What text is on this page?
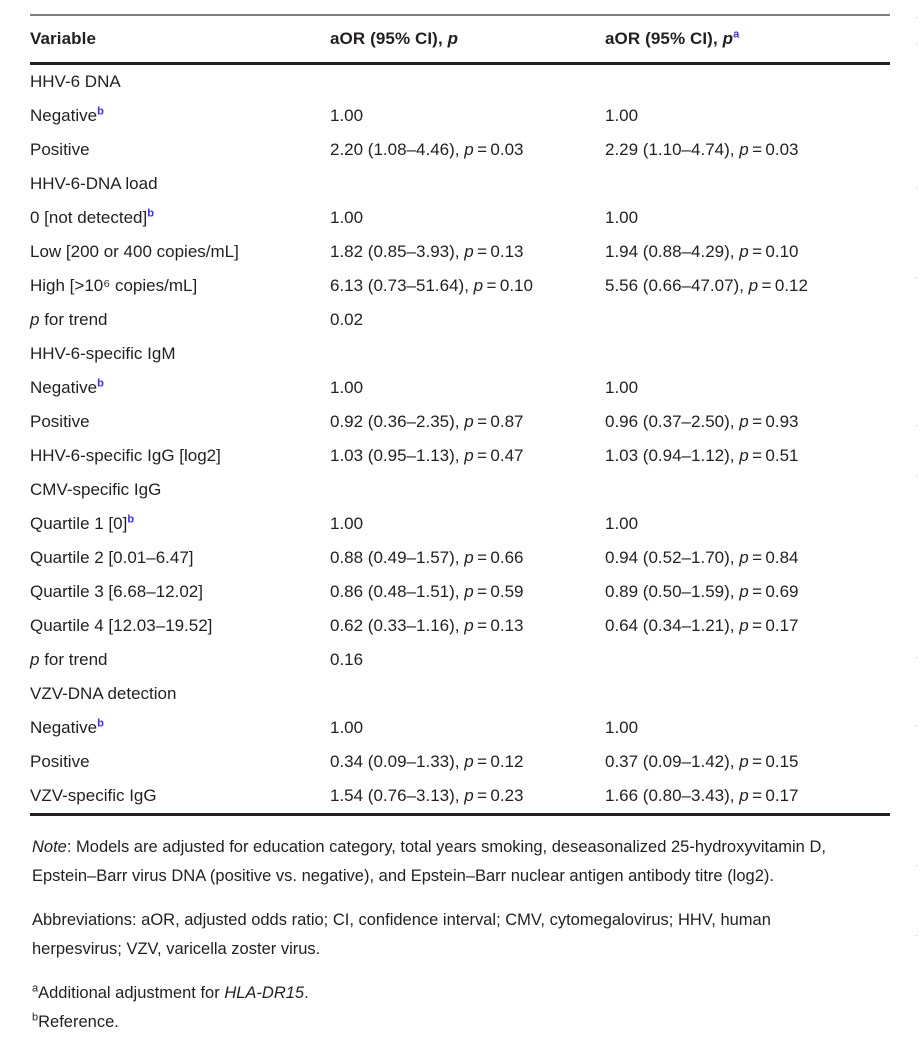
Variable	aOR (95% CI), p	aOR (95% CI), p$^a$
HHV-6 DNA		
Negative$^b$	1.00	1.00
Positive	2.20 (1.08–4.46), p = 0.03	2.29 (1.10–4.74), p = 0.03
HHV-6-DNA load		
0 [not detected]$^b$	1.00	1.00
Low [200 or 400 copies/mL]	1.82 (0.85–3.93), p = 0.13	1.94 (0.88–4.29), p = 0.10
High [>10⁶ copies/mL]	6.13 (0.73–51.64), p = 0.10	5.56 (0.66–47.07), p = 0.12
p for trend	0.02	
HHV-6-specific IgM		
Negative$^b$	1.00	1.00
Positive	0.92 (0.36–2.35), p = 0.87	0.96 (0.37–2.50), p = 0.93
HHV-6-specific IgG [log2]	1.03 (0.95–1.13), p = 0.47	1.03 (0.94–1.12), p = 0.51
CMV-specific IgG		
Quartile 1 [0]$^b$	1.00	1.00
Quartile 2 [0.01–6.47]	0.88 (0.49–1.57), p = 0.66	0.94 (0.52–1.70), p = 0.84
Quartile 3 [6.68–12.02]	0.86 (0.48–1.51), p = 0.59	0.89 (0.50–1.59), p = 0.69
Quartile 4 [12.03–19.52]	0.62 (0.33–1.16), p = 0.13	0.64 (0.34–1.21), p = 0.17
p for trend	0.16	
VZV-DNA detection		
Negative$^b$	1.00	1.00
Positive	0.34 (0.09–1.33), p = 0.12	0.37 (0.09–1.42), p = 0.15
VZV-specific IgG	1.54 (0.76–3.13), p = 0.23	1.66 (0.80–3.43), p = 0.17

Note: Models are adjusted for education category, total years smoking, deseasonalized 25-hydroxyvitamin D, Epstein–Barr virus DNA (positive vs. negative), and Epstein–Barr nuclear antigen antibody titre (log2).

Abbreviations: aOR, adjusted odds ratio; CI, confidence interval; CMV, cytomegalovirus; HHV, human herpesvirus; VZV, varicella zoster virus.

$^a$Additional adjustment for HLA-DR15.

$^b$Reference.

·
·
·
·
·
·
·
·
·
·
